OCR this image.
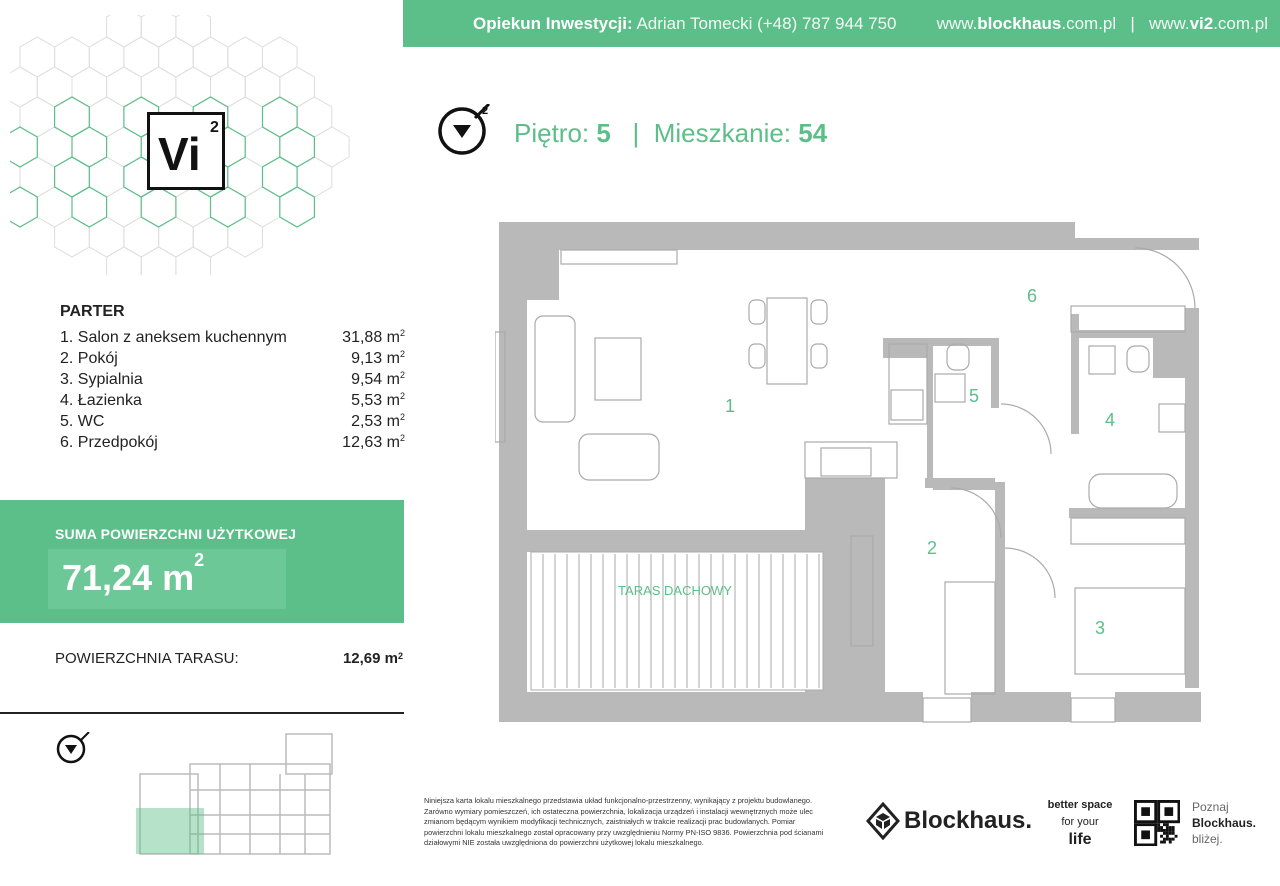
Vi
2
Opiekun Inwestycji: Adrian Tomecki (+48) 787 944 750 www.blockhaus.com.pl | www.vi2.com.pl
2
Piętro: 5 | Mieszkanie: 54
PARTER
1. Salon z aneksem kuchennym	31,88 $m^2$
2. Pokój	9,13 $m^2$
3. Sypialnia	9,54 $m^2$
4. Łazienka	5,53 $m^2$
5. WC	2,53 $m^2$
6. Przedpokój	12,63 $m^2$
SUMA POWIERZCHNI UŻYTKOWEJ
71,24 $m^2$
POWIERZCHNIA TARASU:	12,69 $m^2$
1
2
3
4
5
6
TARAS DACHOWY
Niniejsza karta lokalu mieszkalnego przedstawia układ funkcjonalno-przestrzenny, wynikający z projektu budowlanego. Zarówno wymiary pomieszczeń, ich ostateczna powierzchnia, lokalizacja urządzeń i instalacji wewnętrznych może ulec zmianom będącym wynikiem modyfikacji technicznych, zaistniałych w trakcie realizacji prac budowlanych. Pomiar powierzchni lokalu mieszkalnego został opracowany przy uwzględnieniu Normy PN-ISO 9836. Powierzchnia pod ścianami działowymi NIE została uwzględniona do powierzchni użytkowej lokalu mieszkalnego.
Blockhaus.
better space
for your
life
Poznaj
Blockhaus.
bliżej.
